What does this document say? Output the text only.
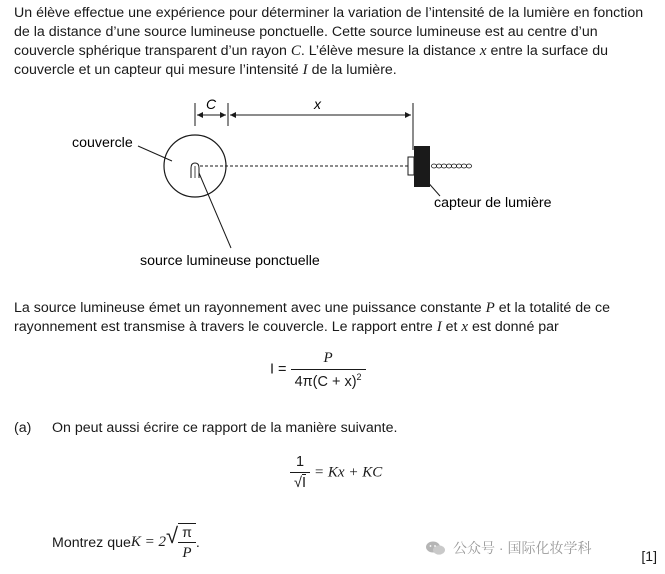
Un élève effectue une expérience pour déterminer la variation de l’intensité de la lumière en fonction de la distance d’une source lumineuse ponctuelle. Cette source lumineuse est au centre d’un couvercle sphérique transparent d’un rayon C. L’élève mesure la distance x entre la surface du couvercle et un capteur qui mesure l’intensité I de la lumière.

C	x
couvercle
capteur de lumière
source lumineuse ponctuelle

La source lumineuse émet un rayonnement avec une puissance constante P et la totalité de ce rayonnement est transmise à travers le couvercle. Le rapport entre I et x est donné par

$I = \frac{P}{4\pi(C + x)^2}$
(a) On peut aussi écrire ce rapport de la manière suivante.
$\frac{1}{√I} = Kx$ + KC
Montrez que K = 2 √ $\frac{\pi}{P}$ .	公众号 · 国际化妆学科	[1]
